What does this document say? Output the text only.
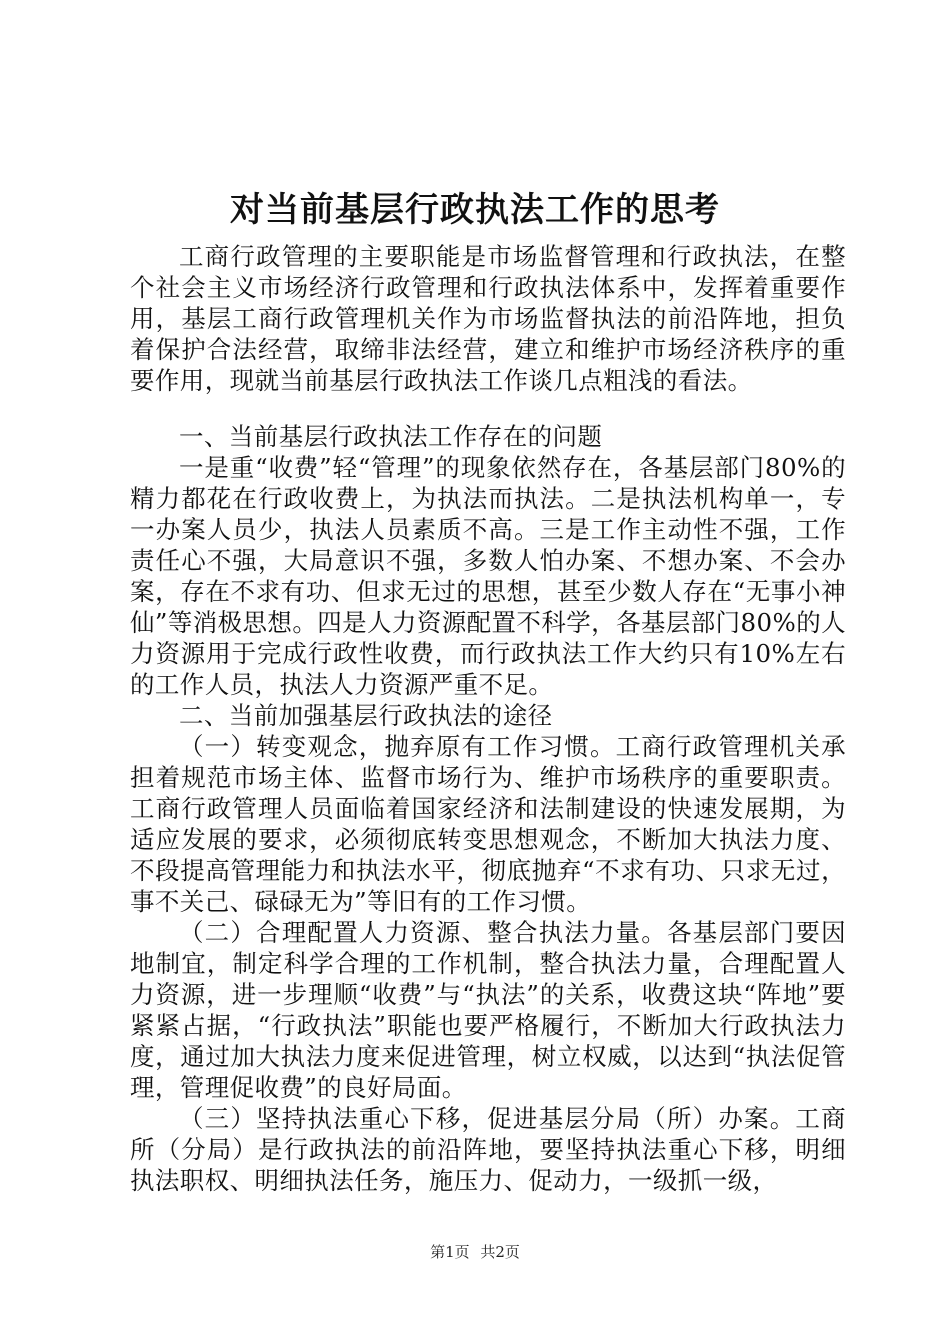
对当前基层行政执法工作的思考

工商行政管理的主要职能是市场监督管理和行政执法，在整个社会主义市场经济行政管理和行政执法体系中，发挥着重要作用，基层工商行政管理机关作为市场监督执法的前沿阵地，担负着保护合法经营，取缔非法经营，建立和维护市场经济秩序的重要作用，现就当前基层行政执法工作谈几点粗浅的看法。

一、当前基层行政执法工作存在的问题

一是重“收费”轻“管理”的现象依然存在，各基层部门80%的精力都花在行政收费上，为执法而执法。二是执法机构单一，专一办案人员少，执法人员素质不高。三是工作主动性不强，工作责任心不强，大局意识不强，多数人怕办案、不想办案、不会办案，存在不求有功、但求无过的思想，甚至少数人存在“无事小神仙”等消极思想。四是人力资源配置不科学，各基层部门80%的人力资源用于完成行政性收费，而行政执法工作大约只有10%左右的工作人员，执法人力资源严重不足。

二、当前加强基层行政执法的途径

（一）转变观念，抛弃原有工作习惯。工商行政管理机关承担着规范市场主体、监督市场行为、维护市场秩序的重要职责。工商行政管理人员面临着国家经济和法制建设的快速发展期，为适应发展的要求，必须彻底转变思想观念，不断加大执法力度、不段提高管理能力和执法水平，彻底抛弃“不求有功、只求无过，事不关己、碌碌无为”等旧有的工作习惯。

（二）合理配置人力资源、整合执法力量。各基层部门要因地制宜，制定科学合理的工作机制，整合执法力量，合理配置人力资源，进一步理顺“收费”与“执法”的关系，收费这块“阵地”要紧紧占据，“行政执法”职能也要严格履行，不断加大行政执法力度，通过加大执法力度来促进管理，树立权威，以达到“执法促管理，管理促收费”的良好局面。

（三）坚持执法重心下移，促进基层分局（所）办案。工商所（分局）是行政执法的前沿阵地，要坚持执法重心下移，明细执法职权、明细执法任务，施压力、促动力，一级抓一级，

第1页 共2页
